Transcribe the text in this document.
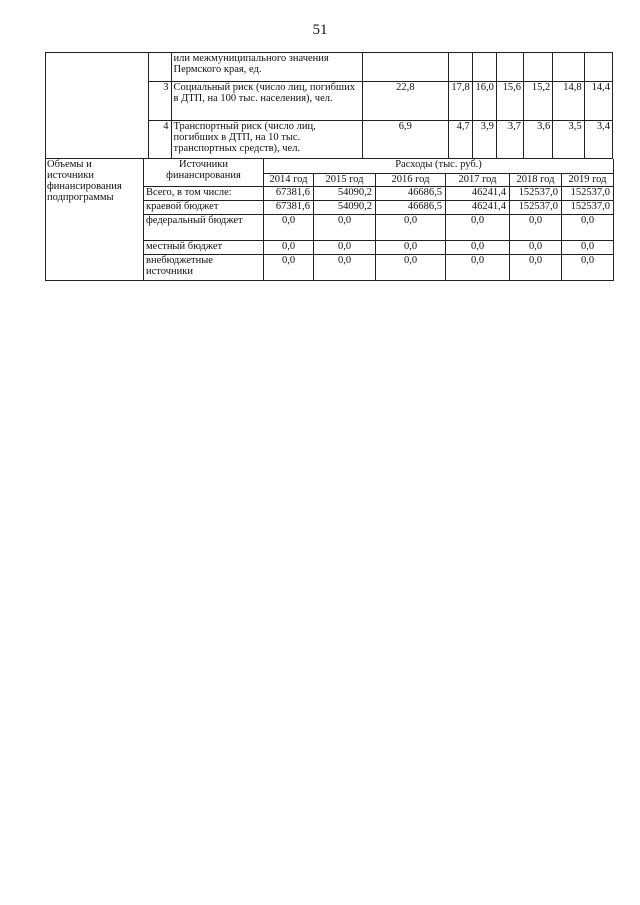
51
		или межмуниципального значения Пермского края, ед.							
	3	Социальный риск (число лиц, погибших в ДТП, на 100 тыс. населения), чел.	22,8	17,8	16,0	15,6	15,2	14,8	14,4
	4	Транспортный риск (число лиц, погибших в ДТП, на 10 тыс. транспортных средств), чел.	6,9	4,7	3,9	3,7	3,6	3,5	3,4
Объемы и источники финансирования подпрограммы	Источники финансирования	Расходы (тыс. руб.)					
		2014 год	2015 год	2016 год	2017 год	2018 год	2019 год
	Всего, в том числе:	67381,6	54090,2	46686,5	46241,4	152537,0	152537,0
	краевой бюджет	67381,6	54090,2	46686,5	46241,4	152537,0	152537,0
	федеральный бюджет	0,0	0,0	0,0	0,0	0,0	0,0
	местный бюджет	0,0	0,0	0,0	0,0	0,0	0,0
	внебюджетные источники	0,0	0,0	0,0	0,0	0,0	0,0
